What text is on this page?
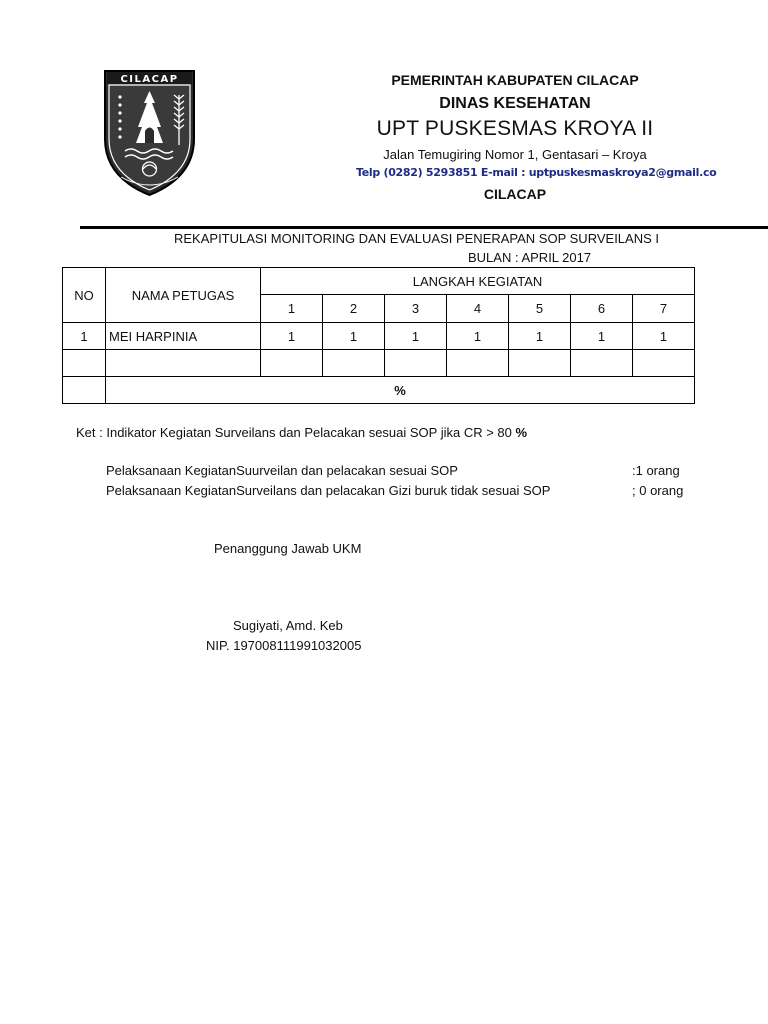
CILACAP	PEMERINTAH KABUPATEN CILACAP
DINAS KESEHATAN
UPT PUSKESMAS KROYA II
Jalan Temugiring Nomor 1, Gentasari – Kroya
Telp (0282) 5293851 E-mail : uptpuskesmaskroya2@gmail.co
CILACAP
REKAPITULASI MONITORING DAN EVALUASI PENERAPAN SOP SURVEILANS I
BULAN : APRIL 2017
NO	NAMA PETUGAS	LANGKAH KEGIATAN						
		1	2	3	4	5	6	7
1	MEI HARPINIA	1	1	1	1	1	1	1

	%							
Ket : Indikator Kegiatan Surveilans dan Pelacakan sesuai SOP jika CR > 80 %
Pelaksanaan KegiatanSuurveilan dan pelacakan sesuai SOP	:1 orang
Pelaksanaan KegiatanSurveilans dan pelacakan Gizi buruk tidak sesuai SOP	; 0 orang
Penanggung Jawab UKM
Sugiyati, Amd. Keb
NIP. 197008111991032005
